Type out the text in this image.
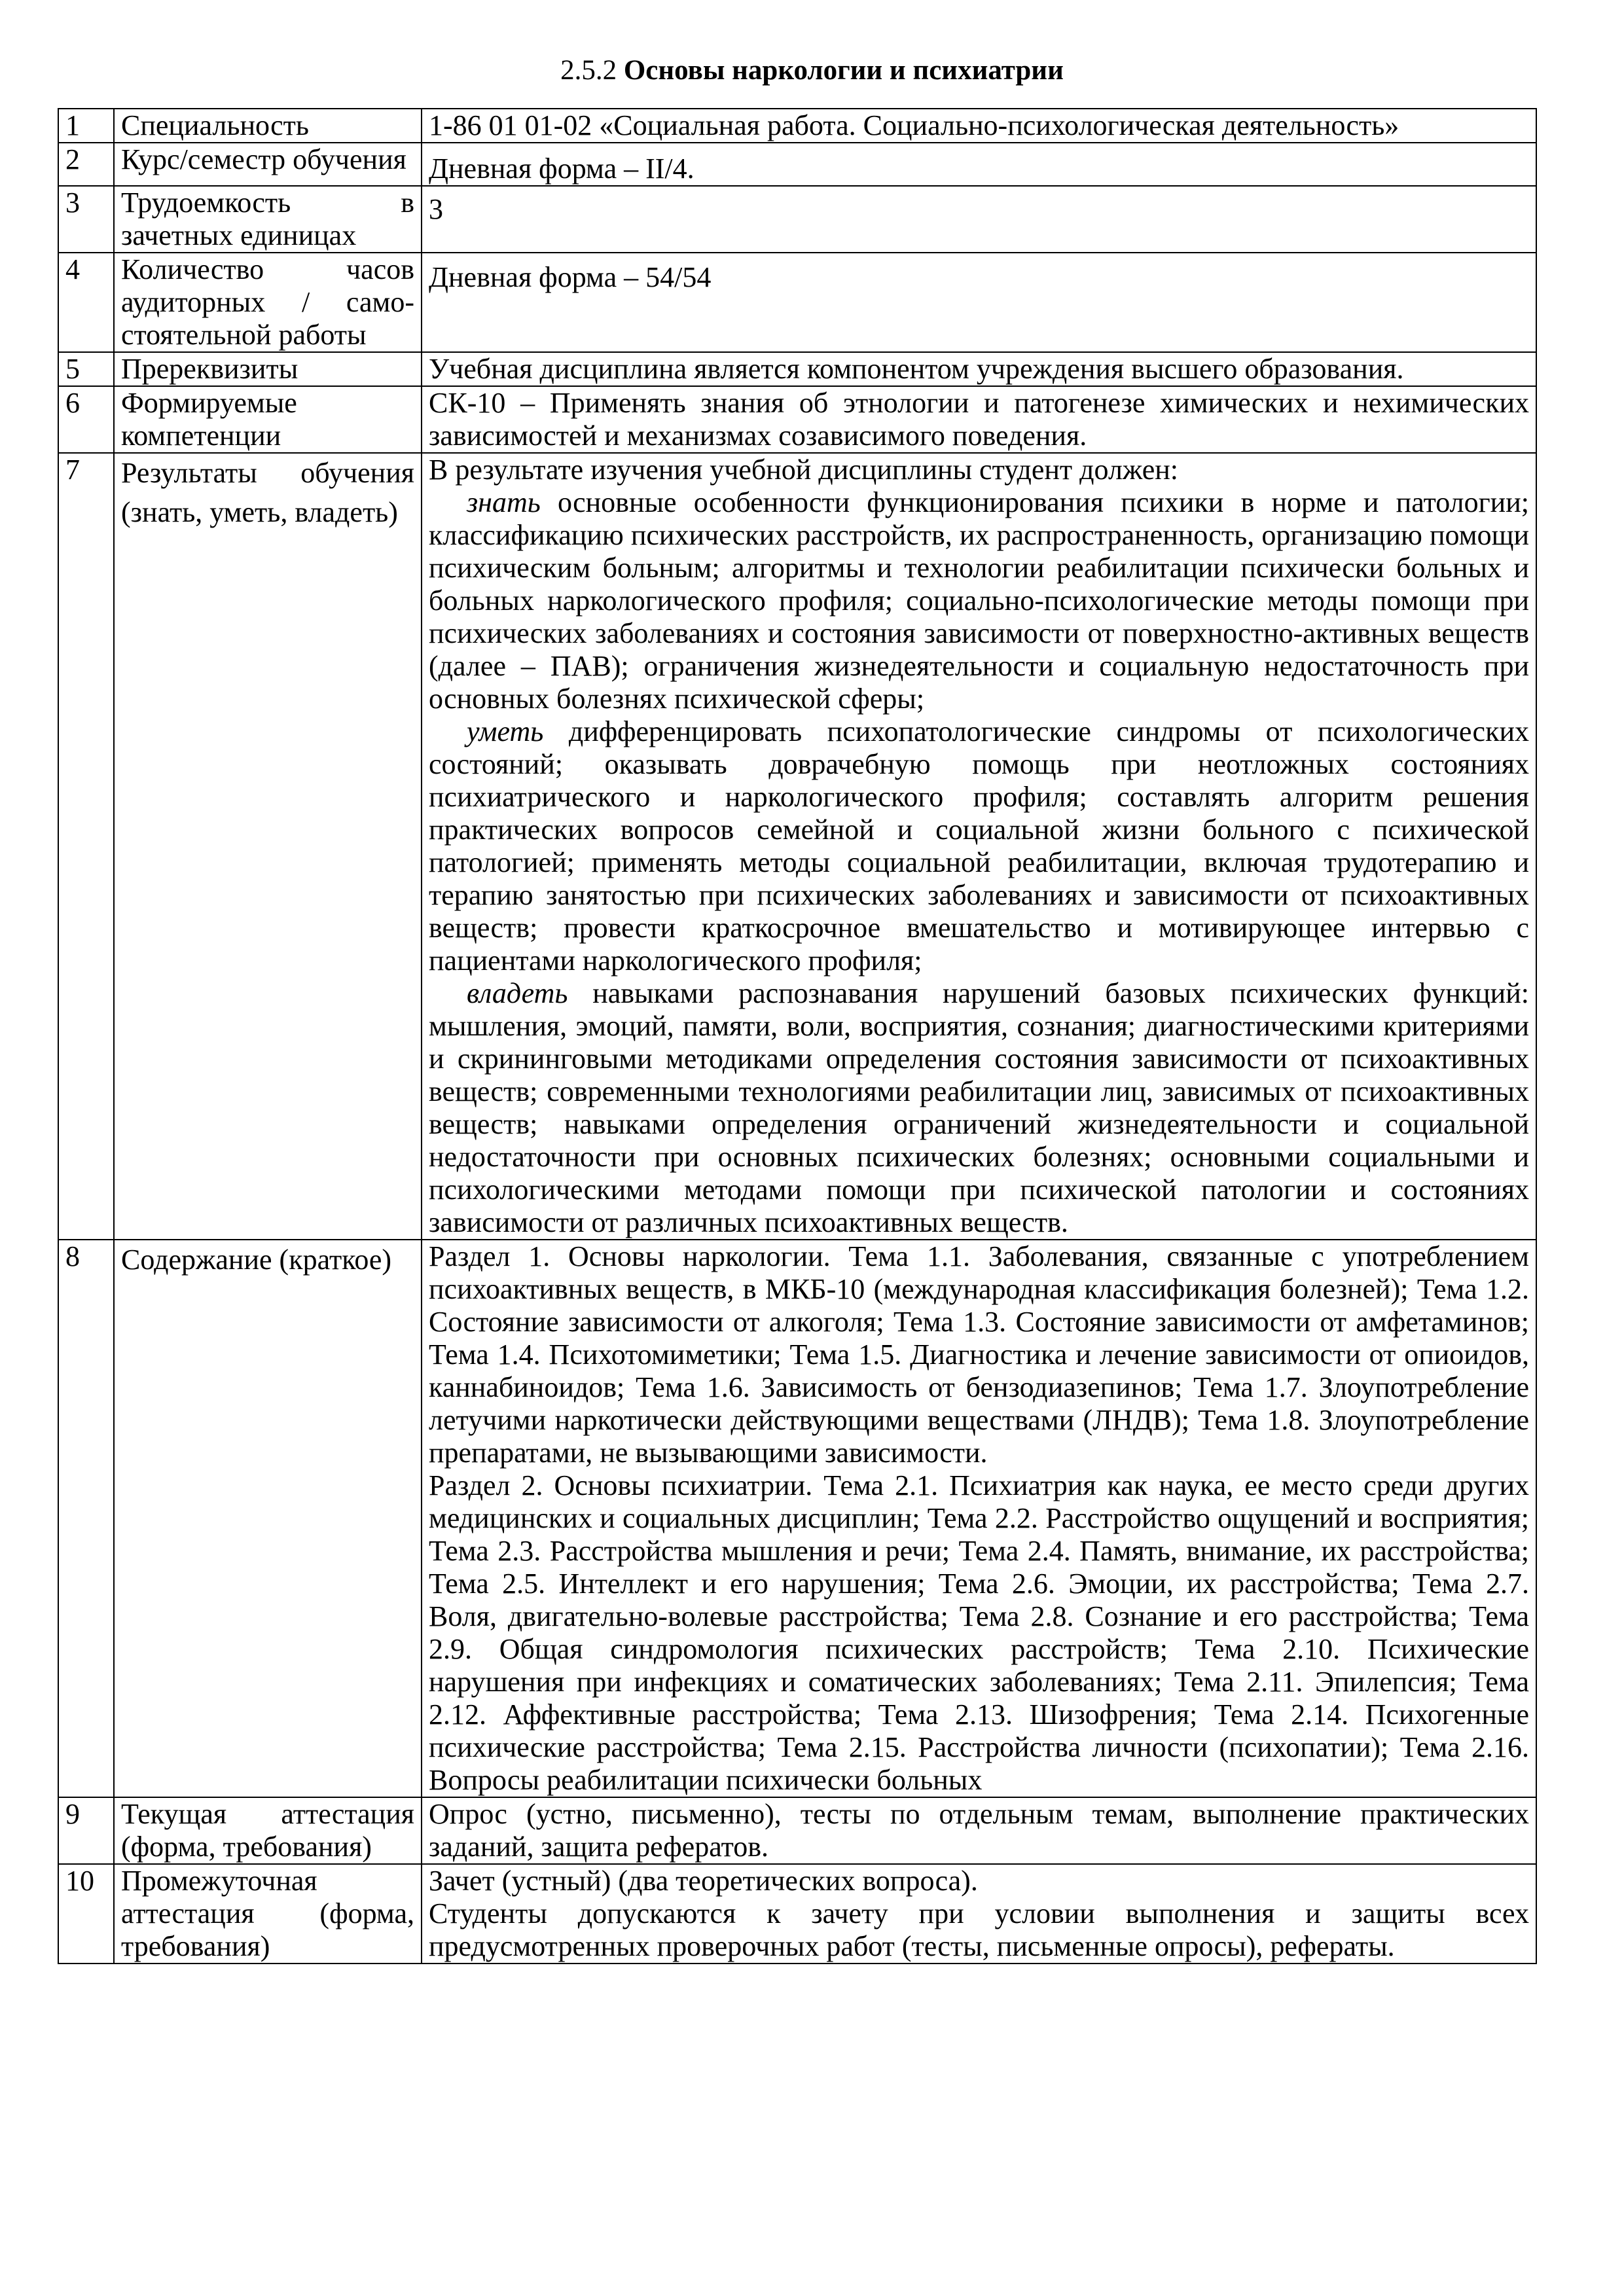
2.5.2 Основы наркологии и психиатрии
1	Специальность	1-86 01 01-02 «Социальная работа. Социально-психологическая деятельность»

2	Курс/семестр обучения	Дневная форма – II/4.

3	Трудоемкость в зачетных единицах	3

4	Количество часов аудиторных / само-стоятельной работы	Дневная форма – 54/54

5	Пререквизиты	Учебная дисциплина является компонентом учреждения высшего образования.

6	Формируемые компетенции	СК-10 – Применять знания об этнологии и патогенезе химических и нехимических зависимостей и механизмах созависимого поведения.

7	Результаты обучения (знать, уметь, владеть)	В результате изучения учебной дисциплины студент должен:
знать основные особенности функционирования психики в норме и патологии; классификацию психических расстройств, их распространенность, организацию помощи психическим больным; алгоритмы и технологии реабилитации психически больных и больных наркологического профиля; социально-психологические методы помощи при психических заболеваниях и состояния зависимости от поверхностно-активных веществ (далее – ПАВ); ограничения жизнедеятельности и социальную недостаточность при основных болезнях психической сферы;
уметь дифференцировать психопатологические синдромы от психологических состояний; оказывать доврачебную помощь при неотложных состояниях психиатрического и наркологического профиля; составлять алгоритм решения практических вопросов семейной и социальной жизни больного с психической патологией; применять методы социальной реабилитации, включая трудотерапию и терапию занятостью при психических заболеваниях и зависимости от психоактивных веществ; провести краткосрочное вмешательство и мотивирующее интервью с пациентами наркологического профиля;
владеть навыками распознавания нарушений базовых психических функций: мышления, эмоций, памяти, воли, восприятия, сознания; диагностическими критериями и скрининговыми методиками определения состояния зависимости от психоактивных веществ; современными технологиями реабилитации лиц, зависимых от психоактивных веществ; навыками определения ограничений жизнедеятельности и социальной недостаточности при основных психических болезнях; основными социальными и психологическими методами помощи при психической патологии и состояниях зависимости от различных психоактивных веществ.

8	Содержание (краткое)	Раздел 1. Основы наркологии. Тема 1.1. Заболевания, связанные с употреблением психоактивных веществ, в МКБ-10 (международная классификация болезней); Тема 1.2. Состояние зависимости от алкоголя; Тема 1.3. Состояние зависимости от амфетаминов; Тема 1.4. Психотомиметики; Тема 1.5. Диагностика и лечение зависимости от опиоидов, каннабиноидов; Тема 1.6. Зависимость от бензодиазепинов; Тема 1.7. Злоупотребление летучими наркотически действующими веществами (ЛНДВ); Тема 1.8. Злоупотребление препаратами, не вызывающими зависимости.
Раздел 2. Основы психиатрии. Тема 2.1. Психиатрия как наука, ее место среди других медицинских и социальных дисциплин; Тема 2.2. Расстройство ощущений и восприятия; Тема 2.3. Расстройства мышления и речи; Тема 2.4. Память, внимание, их расстройства; Тема 2.5. Интеллект и его нарушения; Тема 2.6. Эмоции, их расстройства; Тема 2.7. Воля, двигательно-волевые расстройства; Тема 2.8. Сознание и его расстройства; Тема 2.9. Общая синдромология психических расстройств; Тема 2.10. Психические нарушения при инфекциях и соматических заболеваниях; Тема 2.11. Эпилепсия; Тема 2.12. Аффективные расстройства; Тема 2.13. Шизофрения; Тема 2.14. Психогенные психические расстройства; Тема 2.15. Расстройства личности (психопатии); Тема 2.16. Вопросы реабилитации психически больных

9	Текущая аттестация (форма, требования)	Опрос (устно, письменно), тесты по отдельным темам, выполнение практических заданий, защита рефератов.

10	Промежуточная аттестация (форма, требования)	Зачет (устный) (два теоретических вопроса).
Студенты допускаются к зачету при условии выполнения и защиты всех предусмотренных проверочных работ (тесты, письменные опросы), рефераты.
